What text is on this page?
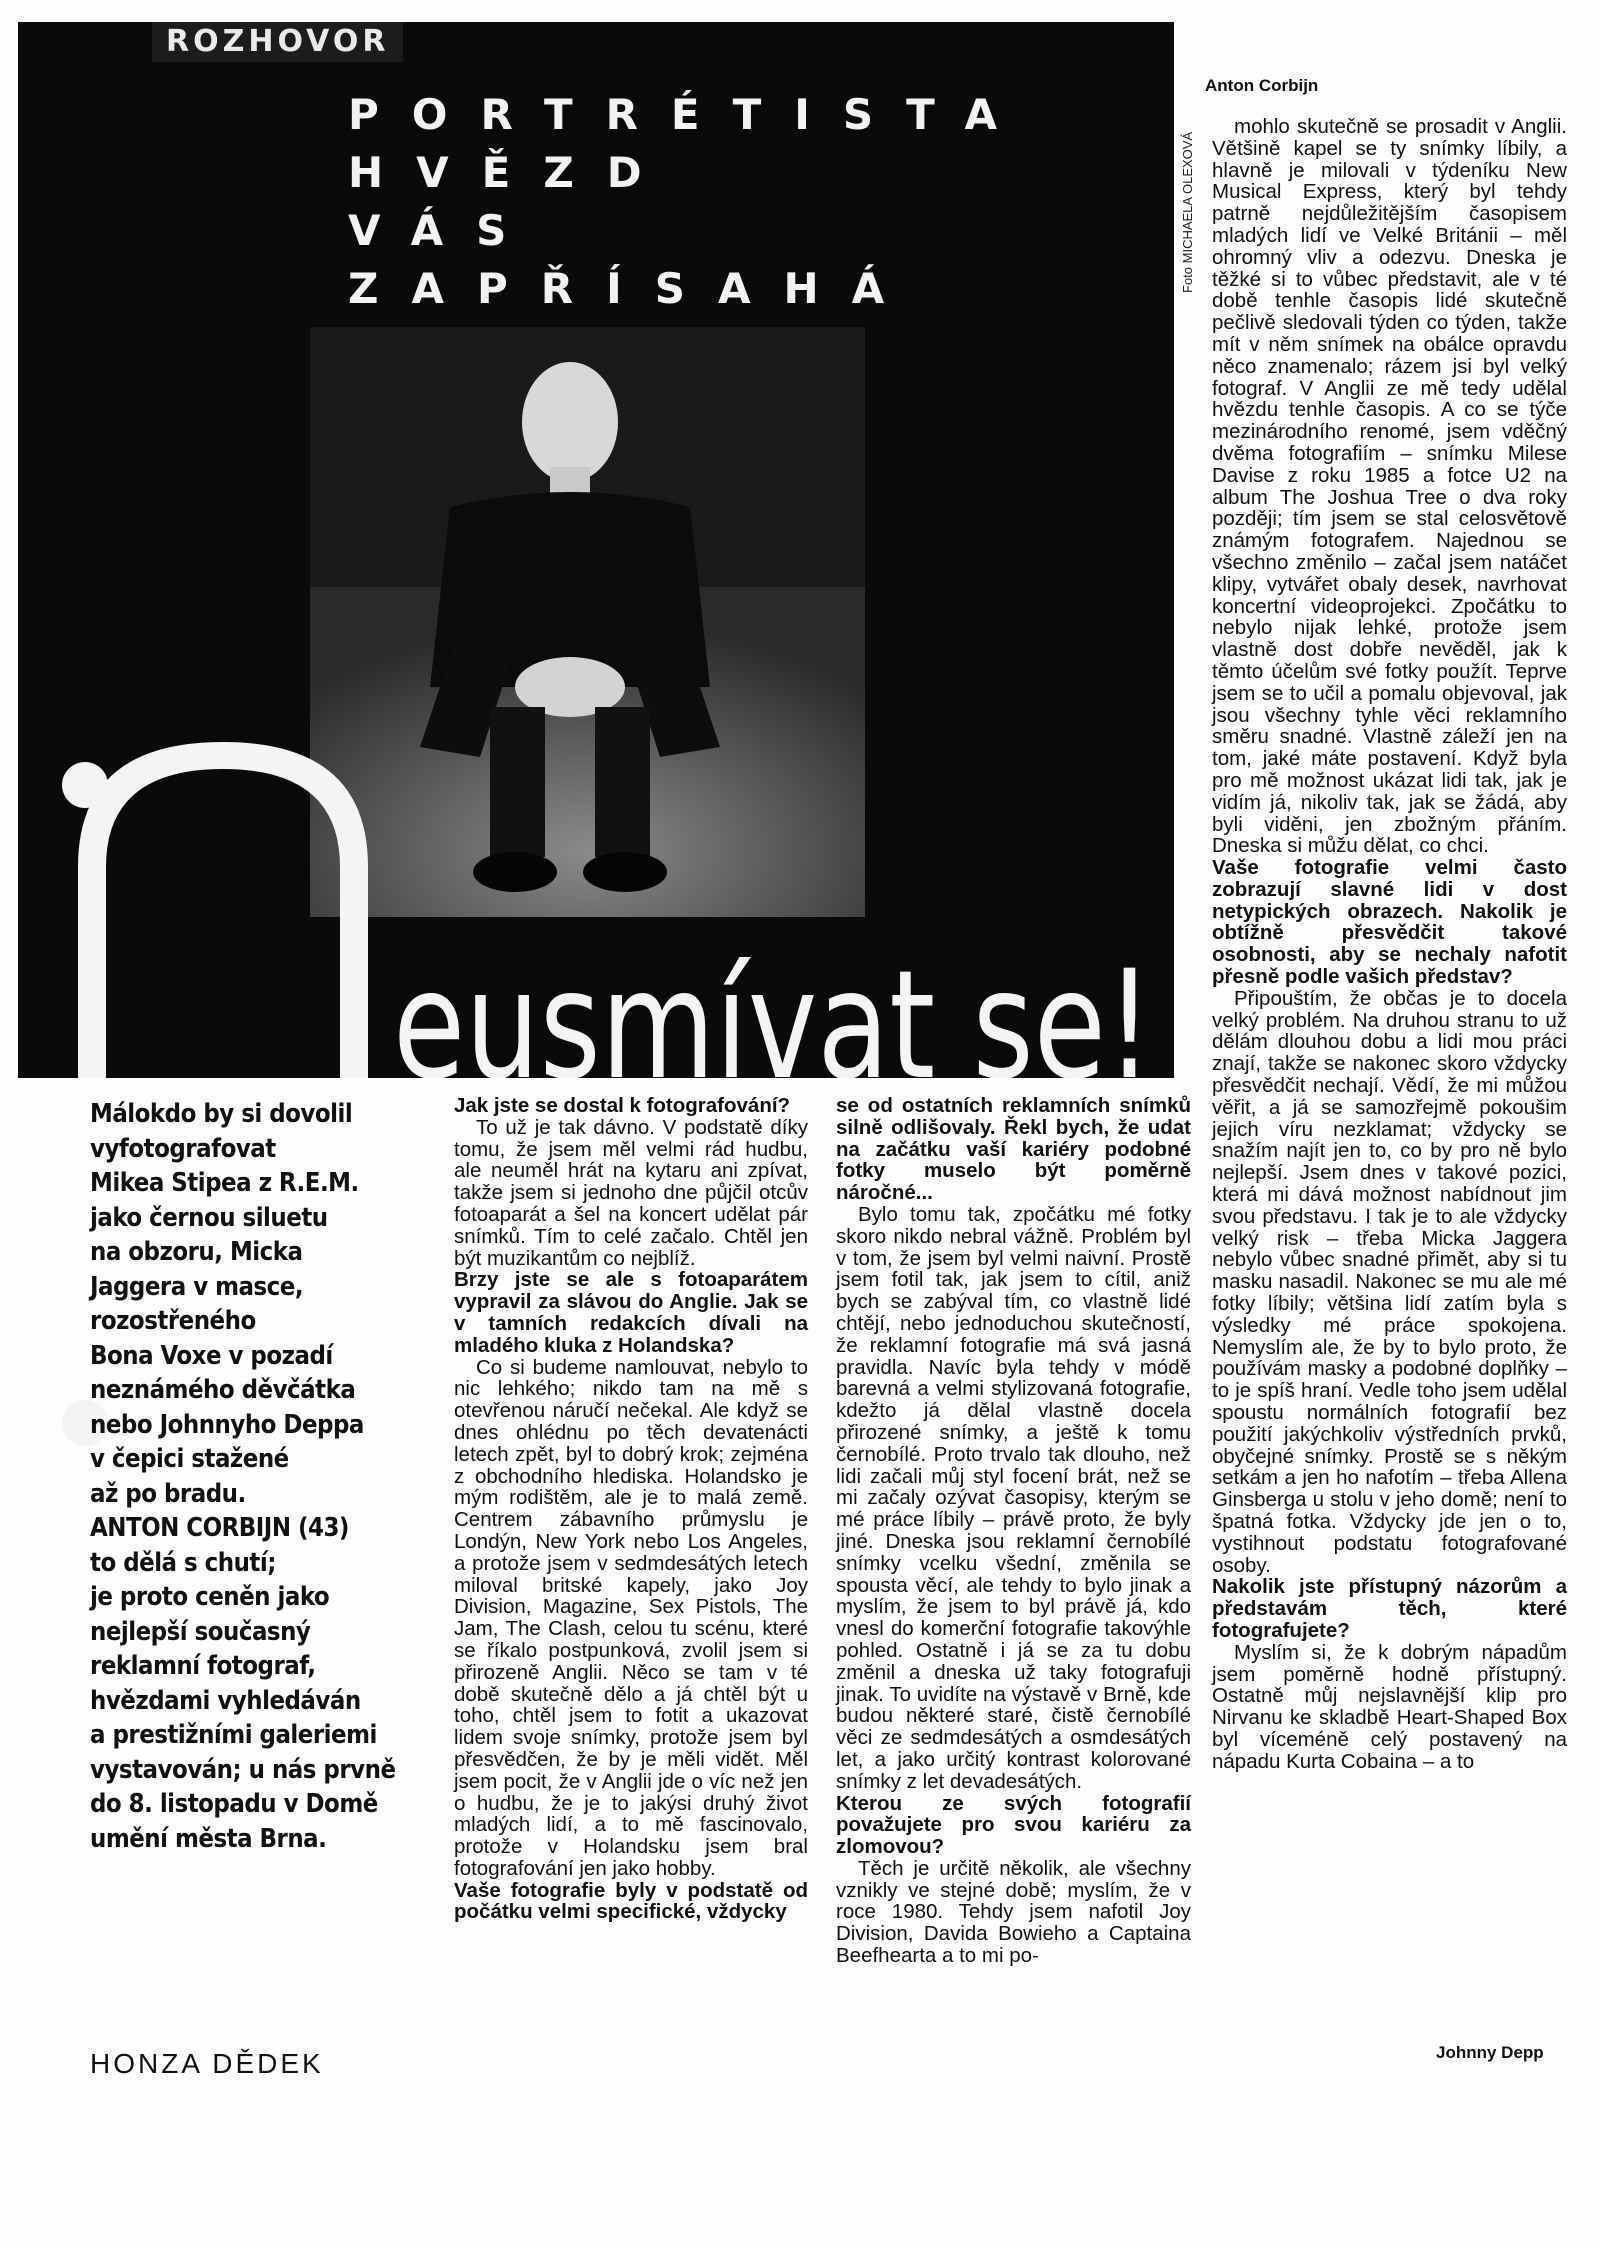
ROZHOVOR
PORTRÉTISTA
HVĚZD
VÁS
ZAPŘÍSAHÁ
eusmívat se!
Foto MICHAELA OLEXOVÁ
Anton Corbijn
Málokdo by si dovolil
vyfotografovat
Mikea Stipea z R.E.M.
jako černou siluetu
na obzoru, Micka
Jaggera v masce,
rozostřeného
Bona Voxe v pozadí
neznámého děvčátka
nebo Johnnyho Deppa
v čepici stažené
až po bradu.
ANTON CORBIJN (43)
to dělá s chutí;
je proto ceněn jako
nejlepší současný
reklamní fotograf,
hvězdami vyhledáván
a prestižními galeriemi
vystavován; u nás prvně
do 8. listopadu v Domě
umění města Brna.

Jak jste se dostal k fotografování?

To už je tak dávno. V podstatě díky tomu, že jsem měl velmi rád hudbu, ale neuměl hrát na kytaru ani zpívat, takže jsem si jednoho dne půjčil otcův fotoaparát a šel na koncert udělat pár snímků. Tím to celé začalo. Chtěl jen být muzikantům co nejblíž.

Brzy jste se ale s fotoaparátem vypravil za slávou do Anglie. Jak se v tamních redakcích dívali na mladého kluka z Holandska?

Co si budeme namlouvat, nebylo to nic lehkého; nikdo tam na mě s otevřenou náručí nečekal. Ale když se dnes ohlédnu po těch devatenácti letech zpět, byl to dobrý krok; zejména z obchodního hlediska. Holandsko je mým rodištěm, ale je to malá země. Centrem zábavního průmyslu je Londýn, New York nebo Los Angeles, a protože jsem v sedmdesátých letech miloval britské kapely, jako Joy Division, Magazine, Sex Pistols, The Jam, The Clash, celou tu scénu, které se říkalo postpunková, zvolil jsem si přirozeně Anglii. Něco se tam v té době skutečně dělo a já chtěl být u toho, chtěl jsem to fotit a ukazovat lidem svoje snímky, protože jsem byl přesvědčen, že by je měli vidět. Měl jsem pocit, že v Anglii jde o víc než jen o hudbu, že je to jakýsi druhý život mladých lidí, a to mě fascinovalo, protože v Holandsku jsem bral fotografování jen jako hobby.

Vaše fotografie byly v podstatě od počátku velmi specifické, vždycky

se od ostatních reklamních snímků silně odlišovaly. Řekl bych, že udat na začátku vaší kariéry podobné fotky muselo být poměrně náročné...

Bylo tomu tak, zpočátku mé fotky skoro nikdo nebral vážně. Problém byl v tom, že jsem byl velmi naivní. Prostě jsem fotil tak, jak jsem to cítil, aniž bych se zabýval tím, co vlastně lidé chtějí, nebo jednoduchou skutečností, že reklamní fotografie má svá jasná pravidla. Navíc byla tehdy v módě barevná a velmi stylizovaná fotografie, kdežto já dělal vlastně docela přirozené snímky, a ještě k tomu černobílé. Proto trvalo tak dlouho, než lidi začali můj styl focení brát, než se mi začaly ozývat časopisy, kterým se mé práce líbily – právě proto, že byly jiné. Dneska jsou reklamní černobílé snímky vcelku všední, změnila se spousta věcí, ale tehdy to bylo jinak a myslím, že jsem to byl právě já, kdo vnesl do komerční fotografie takovýhle pohled. Ostatně i já se za tu dobu změnil a dneska už taky fotografuji jinak. To uvidíte na výstavě v Brně, kde budou některé staré, čistě černobílé věci ze sedmdesátých a osmdesátých let, a jako určitý kontrast kolorované snímky z let devadesátých.

Kterou ze svých fotografií považujete pro svou kariéru za zlomovou?

Těch je určitě několik, ale všechny vznikly ve stejné době; myslím, že v roce 1980. Tehdy jsem nafotil Joy Division, Davida Bowieho a Captaina Beefhearta a to mi po-

mohlo skutečně se prosadit v Anglii. Většině kapel se ty snímky líbily, a hlavně je milovali v týdeníku New Musical Express, který byl tehdy patrně nejdůležitějším časopisem mladých lidí ve Velké Británii – měl ohromný vliv a odezvu. Dneska je těžké si to vůbec představit, ale v té době tenhle časopis lidé skutečně pečlivě sledovali týden co týden, takže mít v něm snímek na obálce opravdu něco znamenalo; rázem jsi byl velký fotograf. V Anglii ze mě tedy udělal hvězdu tenhle časopis. A co se týče mezinárodního renomé, jsem vděčný dvěma fotografiím – snímku Milese Davise z roku 1985 a fotce U2 na album The Joshua Tree o dva roky později; tím jsem se stal celosvětově známým fotografem. Najednou se všechno změnilo – začal jsem natáčet klipy, vytvářet obaly desek, navrhovat koncertní videoprojekci. Zpočátku to nebylo nijak lehké, protože jsem vlastně dost dobře nevěděl, jak k těmto účelům své fotky použít. Teprve jsem se to učil a pomalu objevoval, jak jsou všechny tyhle věci reklamního směru snadné. Vlastně záleží jen na tom, jaké máte postavení. Když byla pro mě možnost ukázat lidi tak, jak je vidím já, nikoliv tak, jak se žádá, aby byli viděni, jen zbožným přáním. Dneska si můžu dělat, co chci.

Vaše fotografie velmi často zobrazují slavné lidi v dost netypických obrazech. Nakolik je obtížně přesvědčit takové osobnosti, aby se nechaly nafotit přesně podle vašich představ?

Připouštím, že občas je to docela velký problém. Na druhou stranu to už dělám dlouhou dobu a lidi mou práci znají, takže se nakonec skoro vždycky přesvědčit nechají. Vědí, že mi můžou věřit, a já se samozřejmě pokoušim jejich víru nezklamat; vždycky se snažím najít jen to, co by pro ně bylo nejlepší. Jsem dnes v takové pozici, která mi dává možnost nabídnout jim svou představu. I tak je to ale vždycky velký risk – třeba Micka Jaggera nebylo vůbec snadné přimět, aby si tu masku nasadil. Nakonec se mu ale mé fotky líbily; většina lidí zatím byla s výsledky mé práce spokojena. Nemyslím ale, že by to bylo proto, že používám masky a podobné doplňky – to je spíš hraní. Vedle toho jsem udělal spoustu normálních fotografií bez použití jakýchkoliv výstředních prvků, obyčejné snímky. Prostě se s někým setkám a jen ho nafotím – třeba Allena Ginsberga u stolu v jeho domě; není to špatná fotka. Vždycky jde jen o to, vystihnout podstatu fotografované osoby.

Nakolik jste přístupný názorům a představám těch, které fotografujete?

Myslím si, že k dobrým nápadům jsem poměrně hodně přístupný. Ostatně můj nejslavnější klip pro Nirvanu ke skladbě Heart-Shaped Box byl víceméně celý postavený na nápadu Kurta Cobaina – a to

HONZA DĚDEK	Johnny Depp
